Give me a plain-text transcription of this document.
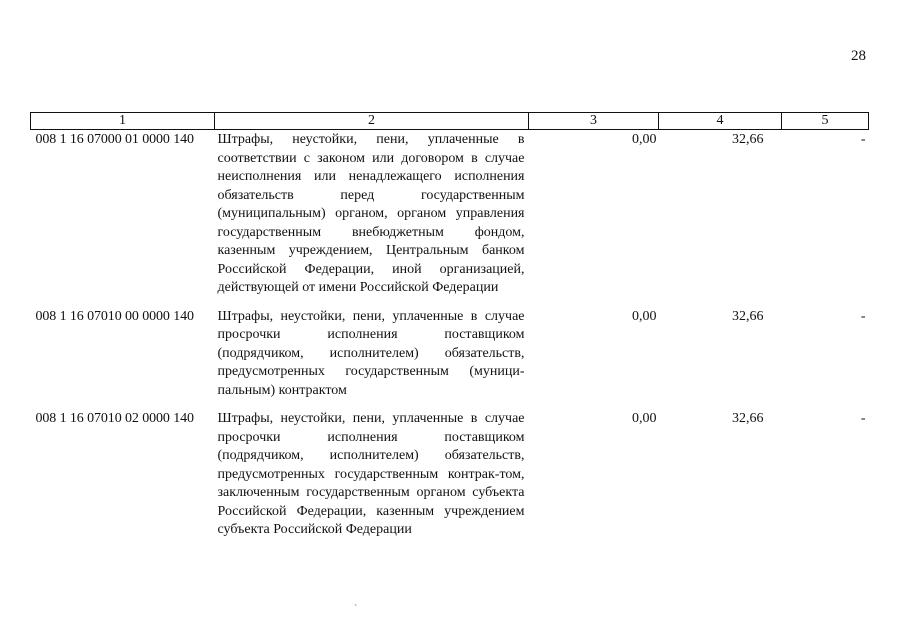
28
1	2	3	4	5
008 1 16 07000 01 0000 140	Штрафы, неустойки, пени, уплаченные в соответствии с законом или договором в случае неисполнения или ненадлежащего исполнения обязательств перед государственным (муниципальным) органом, органом управления государственным внебюджетным фондом, казенным учреждением, Центральным банком Российской Федерации, иной организацией, действующей от имени Российской Федерации	0,00	32,66	-
008 1 16 07010 00 0000 140	Штрафы, неустойки, пени, уплаченные в случае просрочки исполнения поставщиком (подрядчиком, исполнителем) обязательств, предусмотренных государственным (муници-пальным) контрактом	0,00	32,66	-
008 1 16 07010 02 0000 140	Штрафы, неустойки, пени, уплаченные в случае просрочки исполнения поставщиком (подрядчиком, исполнителем) обязательств, предусмотренных государственным контрак-том, заключенным государственным органом субъекта Российской Федерации, казенным учреждением субъекта Российской Федерации	0,00	32,66	-
ˋ
